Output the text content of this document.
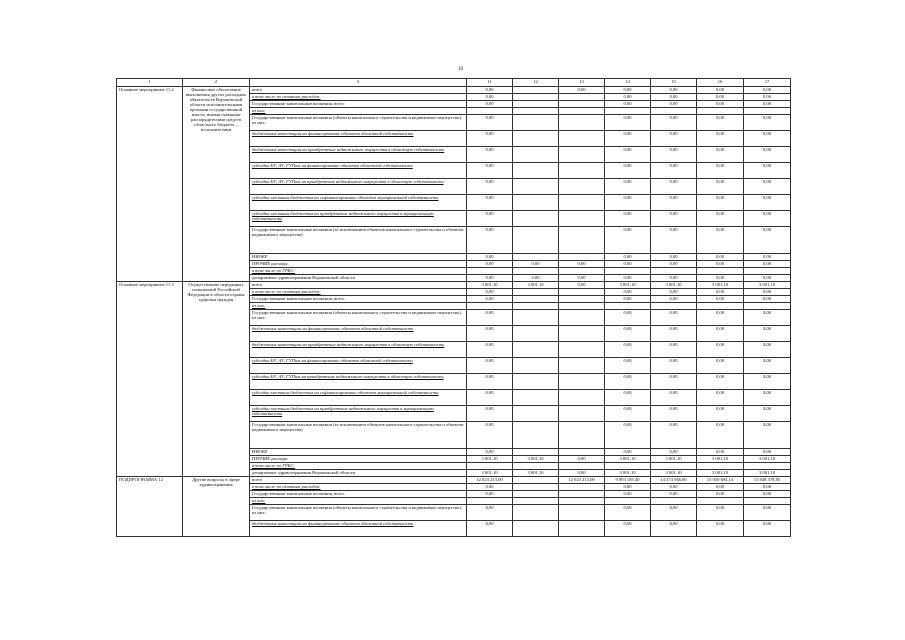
10
1	2	3	11	12	13	14	15	16	17
Основное мероприятие 11.2	Финансовое обеспечение выполнения других расходных обязательств Воронежской области исполнительными органами государственной власти, иными главными распорядителями средств областного бюджета – исполнителями	всего	0,00		0,00	0,00	0,00	0,00	0,00
		в том числе по статьям расходов:	0,00			0,00	0,00	0,00	0,00
		Государственные капитальные вложения, всего	0,00			0,00	0,00	0,00	0,00
		из них:							
		Государственные капитальные вложения (объекты капитального строительства и недвижимое имущество), из них:	0,00			0,00	0,00	0,00	0,00
		бюджетные инвестиции на финансирование объектов областной собственности	0,00			0,00	0,00	0,00	0,00
		бюджетные инвестиции на приобретение недвижимого имущества в областную собственность	0,00			0,00	0,00	0,00	0,00
		субсидии БУ, АУ, ГУПам на финансирование объектов областной собственности	0,00			0,00	0,00	0,00	0,00
		субсидии БУ, АУ, ГУПам на приобретение недвижимого имущества в областную собственность	0,00			0,00	0,00	0,00	0,00
		субсидии местным бюджетам на софинансирование объектов муниципальной собственности	0,00			0,00	0,00	0,00	0,00
		субсидии местным бюджетам на приобретение недвижимого имущества в муниципальную собственность	0,00			0,00	0,00	0,00	0,00
		Государственные капитальные вложения (за исключением объектов капитального строительства и объектов недвижимого имущества)	0,00			0,00	0,00	0,00	0,00
		НИОКР	0,00			0,00	0,00	0,00	0,00
		ПРОЧИЕ расходы	0,00	0,00	0,00	0,00	0,00	0,00	0,00
		в том числе по ГРБС:							
		департамент здравоохранения Воронежской области	0,00	0,00	0,00	0,00	0,00	0,00	0,00
Основное мероприятие 11.3	Осуществление переданных полномочий Российской Федерации в области охраны здоровья граждан	всего	3 001,10	3 001,10	0,00	3 001,10	3 001,10	3 001,10	3 001,10
		в том числе по статьям расходов:	0,00			0,00	0,00	0,00	0,00
		Государственные капитальные вложения, всего	0,00			0,00	0,00	0,00	0,00
		из них:							
		Государственные капитальные вложения (объекты капитального строительства и недвижимое имущество), из них:	0,00			0,00	0,00	0,00	0,00
		бюджетные инвестиции на финансирование объектов областной собственности	0,00			0,00	0,00	0,00	0,00
		бюджетные инвестиции на приобретение недвижимого имущества в областную собственность	0,00			0,00	0,00	0,00	0,00
		субсидии БУ, АУ, ГУПам на финансирование объектов областной собственности	0,00			0,00	0,00	0,00	0,00
		субсидии БУ, АУ, ГУПам на приобретение недвижимого имущества в областную собственность	0,00			0,00	0,00	0,00	0,00
		субсидии местным бюджетам на софинансирование объектов муниципальной собственности	0,00			0,00	0,00	0,00	0,00
		субсидии местным бюджетам на приобретение недвижимого имущества в муниципальную собственность	0,00			0,00	0,00	0,00	0,00
		Государственные капитальные вложения (за исключением объектов капитального строительства и объектов недвижимого имущества)	0,00			0,00	0,00	0,00	0,00
		НИОКР	0,00			0,00	0,00	0,00	0,00
		ПРОЧИЕ расходы	3 001,10	3 001,10	0,00	3 001,10	3 001,10	3 001,10	3 001,10
		в том числе по ГРБС:							
		департамент здравоохранения Воронежской области	3 001,10	3 001,10	0,00	3 001,10	3 001,10	3 001,10	3 001,10
ПОДПРОГРАММА 12	Другие вопросы в сфере здравоохранения	всего	12 023 213,00		12 023 213,00	9 893 185,40	14 374 946,80	15 050 694,14	15 848 378,85
		в том числе по статьям расходов:	0,00			0,00	0,00	0,00	0,00
		Государственные капитальные вложения, всего	0,00			0,00	0,00	0,00	0,00
		из них:							
		Государственные капитальные вложения (объекты капитального строительства и недвижимое имущество), из них:	0,00			0,00	0,00	0,00	0,00
		бюджетные инвестиции на финансирование объектов областной собственности	0,00			0,00	0,00	0,00	0,00
